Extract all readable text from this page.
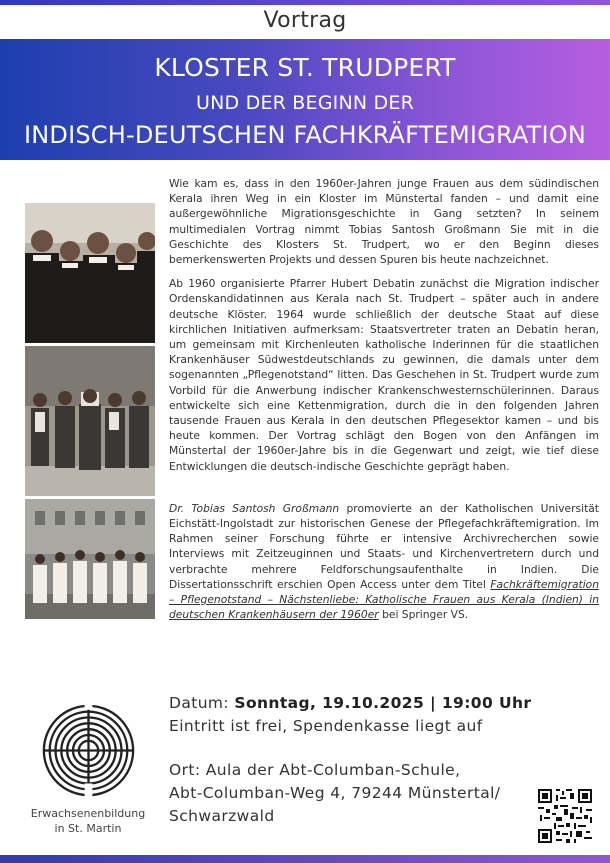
Vortrag
KLOSTER ST. TRUDPERT
UND DER BEGINN DER
INDISCH-DEUTSCHEN FACHKRÄFTEMIGRATION

Wie kam es, dass in den 1960er-Jahren junge Frauen aus dem südindischen Kerala ihren Weg in ein Kloster im Münstertal fanden – und damit eine außergewöhnliche Migrationsgeschichte in Gang setzten? In seinem multimedialen Vortrag nimmt Tobias Santosh Großmann Sie mit in die Geschichte des Klosters St. Trudpert, wo er den Beginn dieses bemerkenswerten Projekts und dessen Spuren bis heute nachzeichnet.

Ab 1960 organisierte Pfarrer Hubert Debatin zunächst die Migration indischer Ordenskandidatinnen aus Kerala nach St. Trudpert – später auch in andere deutsche Klöster. 1964 wurde schließlich der deutsche Staat auf diese kirchlichen Initiativen aufmerksam: Staatsvertreter traten an Debatin heran, um gemeinsam mit Kirchenleuten katholische Inderinnen für die staatlichen Krankenhäuser Südwestdeutschlands zu gewinnen, die damals unter dem sogenannten „Pflegenotstand“ litten. Das Geschehen in St. Trudpert wurde zum Vorbild für die Anwerbung indischer Krankenschwesternschülerinnen. Daraus entwickelte sich eine Kettenmigration, durch die in den folgenden Jahren tausende Frauen aus Kerala in den deutschen Pflegesektor kamen – und bis heute kommen. Der Vortrag schlägt den Bogen von den Anfängen im Münstertal der 1960er-Jahre bis in die Gegenwart und zeigt, wie tief diese Entwicklungen die deutsch-indische Geschichte geprägt haben.

Dr. Tobias Santosh Großmann promovierte an der Katholischen Universität Eichstätt-Ingolstadt zur historischen Genese der Pflegefachkräftemigration. Im Rahmen seiner Forschung führte er intensive Archivrecherchen sowie Interviews mit Zeitzeuginnen und Staats- und Kirchenvertretern durch und verbrachte mehrere Feldforschungsaufenthalte in Indien. Die Dissertationsschrift erschien Open Access unter dem Titel Fachkräftemigration – Pflegenotstand – Nächstenliebe: Katholische Frauen aus Kerala (Indien) in deutschen Krankenhäusern der 1960er bei Springer VS.

Erwachsenenbildung
in St. Martin
Datum: Sonntag, 19.10.2025 | 19:00 Uhr
Eintritt ist frei, Spendenkasse liegt auf
Ort: Aula der Abt-Columban-Schule,
Abt-Columban-Weg 4, 79244 Münstertal/
Schwarzwald
